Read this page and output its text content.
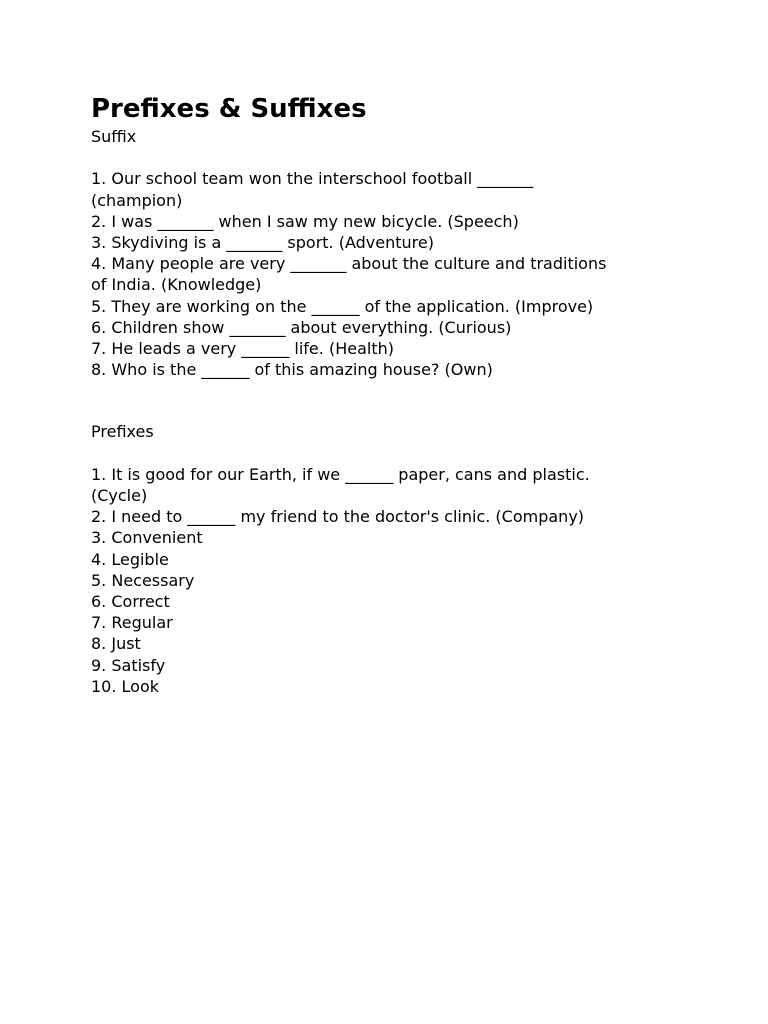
Prefixes & Suffixes

Suffix

1. Our school team won the interschool football _______

(champion)

2. I was _______ when I saw my new bicycle. (Speech)

3. Skydiving is a _______ sport. (Adventure)

4. Many people are very _______ about the culture and traditions

of India. (Knowledge)

5. They are working on the ______ of the application. (Improve)

6. Children show _______ about everything. (Curious)

7. He leads a very ______ life. (Health)

8. Who is the ______ of this amazing house? (Own)

Prefixes

1. It is good for our Earth, if we ______ paper, cans and plastic.

(Cycle)

2. I need to ______ my friend to the doctor's clinic. (Company)

3. Convenient

4. Legible

5. Necessary

6. Correct

7. Regular

8. Just

9. Satisfy

10. Look
